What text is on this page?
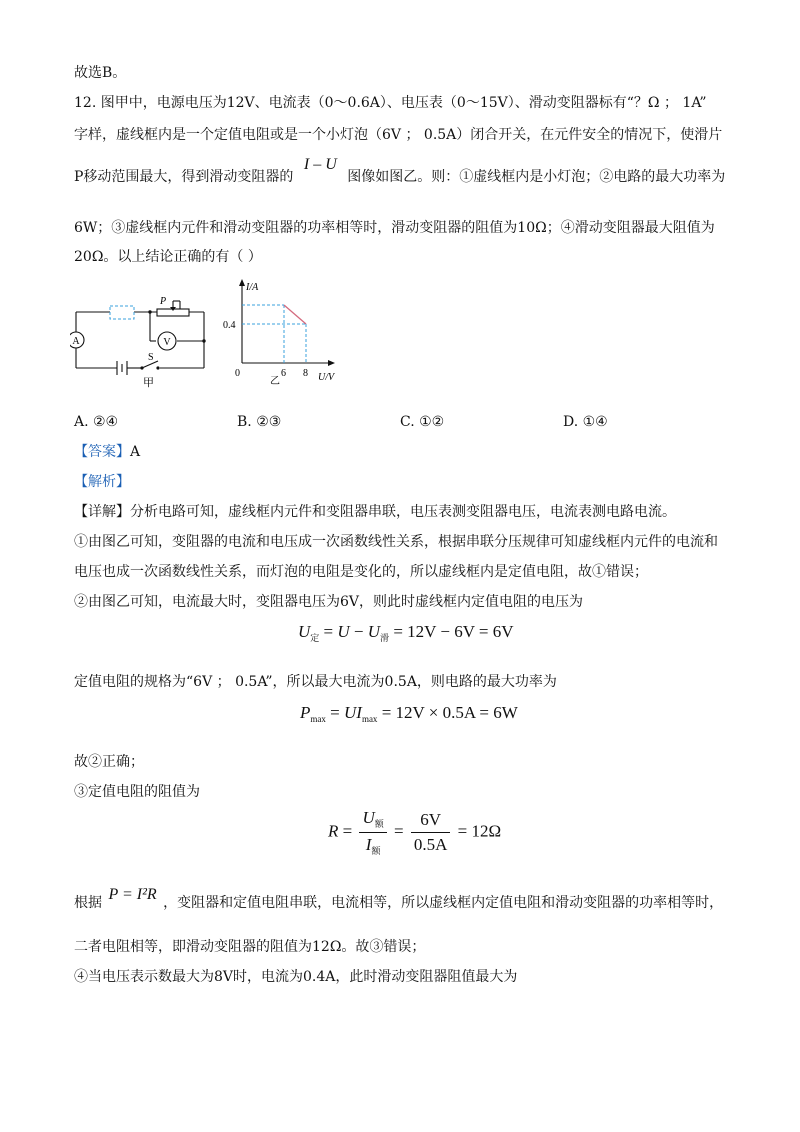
故选B。
12. 图甲中，电源电压为12V、电流表（0～0.6A）、电压表（0～15V）、滑动变阻器标有“？Ω ； 1A”
字样，虚线框内是一个定值电阻或是一个小灯泡（6V ； 0.5A）闭合开关，在元件安全的情况下，使滑片
P移动范围最大，得到滑动变阻器的 I – U 图像如图乙。则：①虚线框内是小灯泡；②电路的最大功率为
6W；③虚线框内元件和滑动变阻器的功率相等时，滑动变阻器的阻值为10Ω；④滑动变阻器最大阻值为
20Ω。以上结论正确的有（ ）
A	V
P
S
甲
I/A
0.4
0	6 8 U/V
乙
A. ②④	B. ②③	C. ①②	D. ①④
【答案】A
【解析】
【详解】分析电路可知，虚线框内元件和变阻器串联，电压表测变阻器电压，电流表测电路电流。
①由图乙可知，变阻器的电流和电压成一次函数线性关系，根据串联分压规律可知虚线框内元件的电流和
电压也成一次函数线性关系，而灯泡的电阻是变化的，所以虚线框内是定值电阻，故①错误；
②由图乙可知，电流最大时，变阻器电压为6V，则此时虚线框内定值电阻的电压为
$U_定 = U - U_滑 = 12V - 6V = 6V$
定值电阻的规格为“6V ； 0.5A”，所以最大电流为0.5A，则电路的最大功率为
$P_{max} = UI_{max} = 12V \times 0.5A = 6W$
故②正确；
③定值电阻的阻值为
$R = \frac{U_额}{I_额} = \frac{6V}{0.5A} = 12\Omega$
根据 P = I²R ，变阻器和定值电阻串联，电流相等，所以虚线框内定值电阻和滑动变阻器的功率相等时，
二者电阻相等，即滑动变阻器的阻值为12Ω。故③错误；
④当电压表示数最大为8V时，电流为0.4A，此时滑动变阻器阻值最大为
